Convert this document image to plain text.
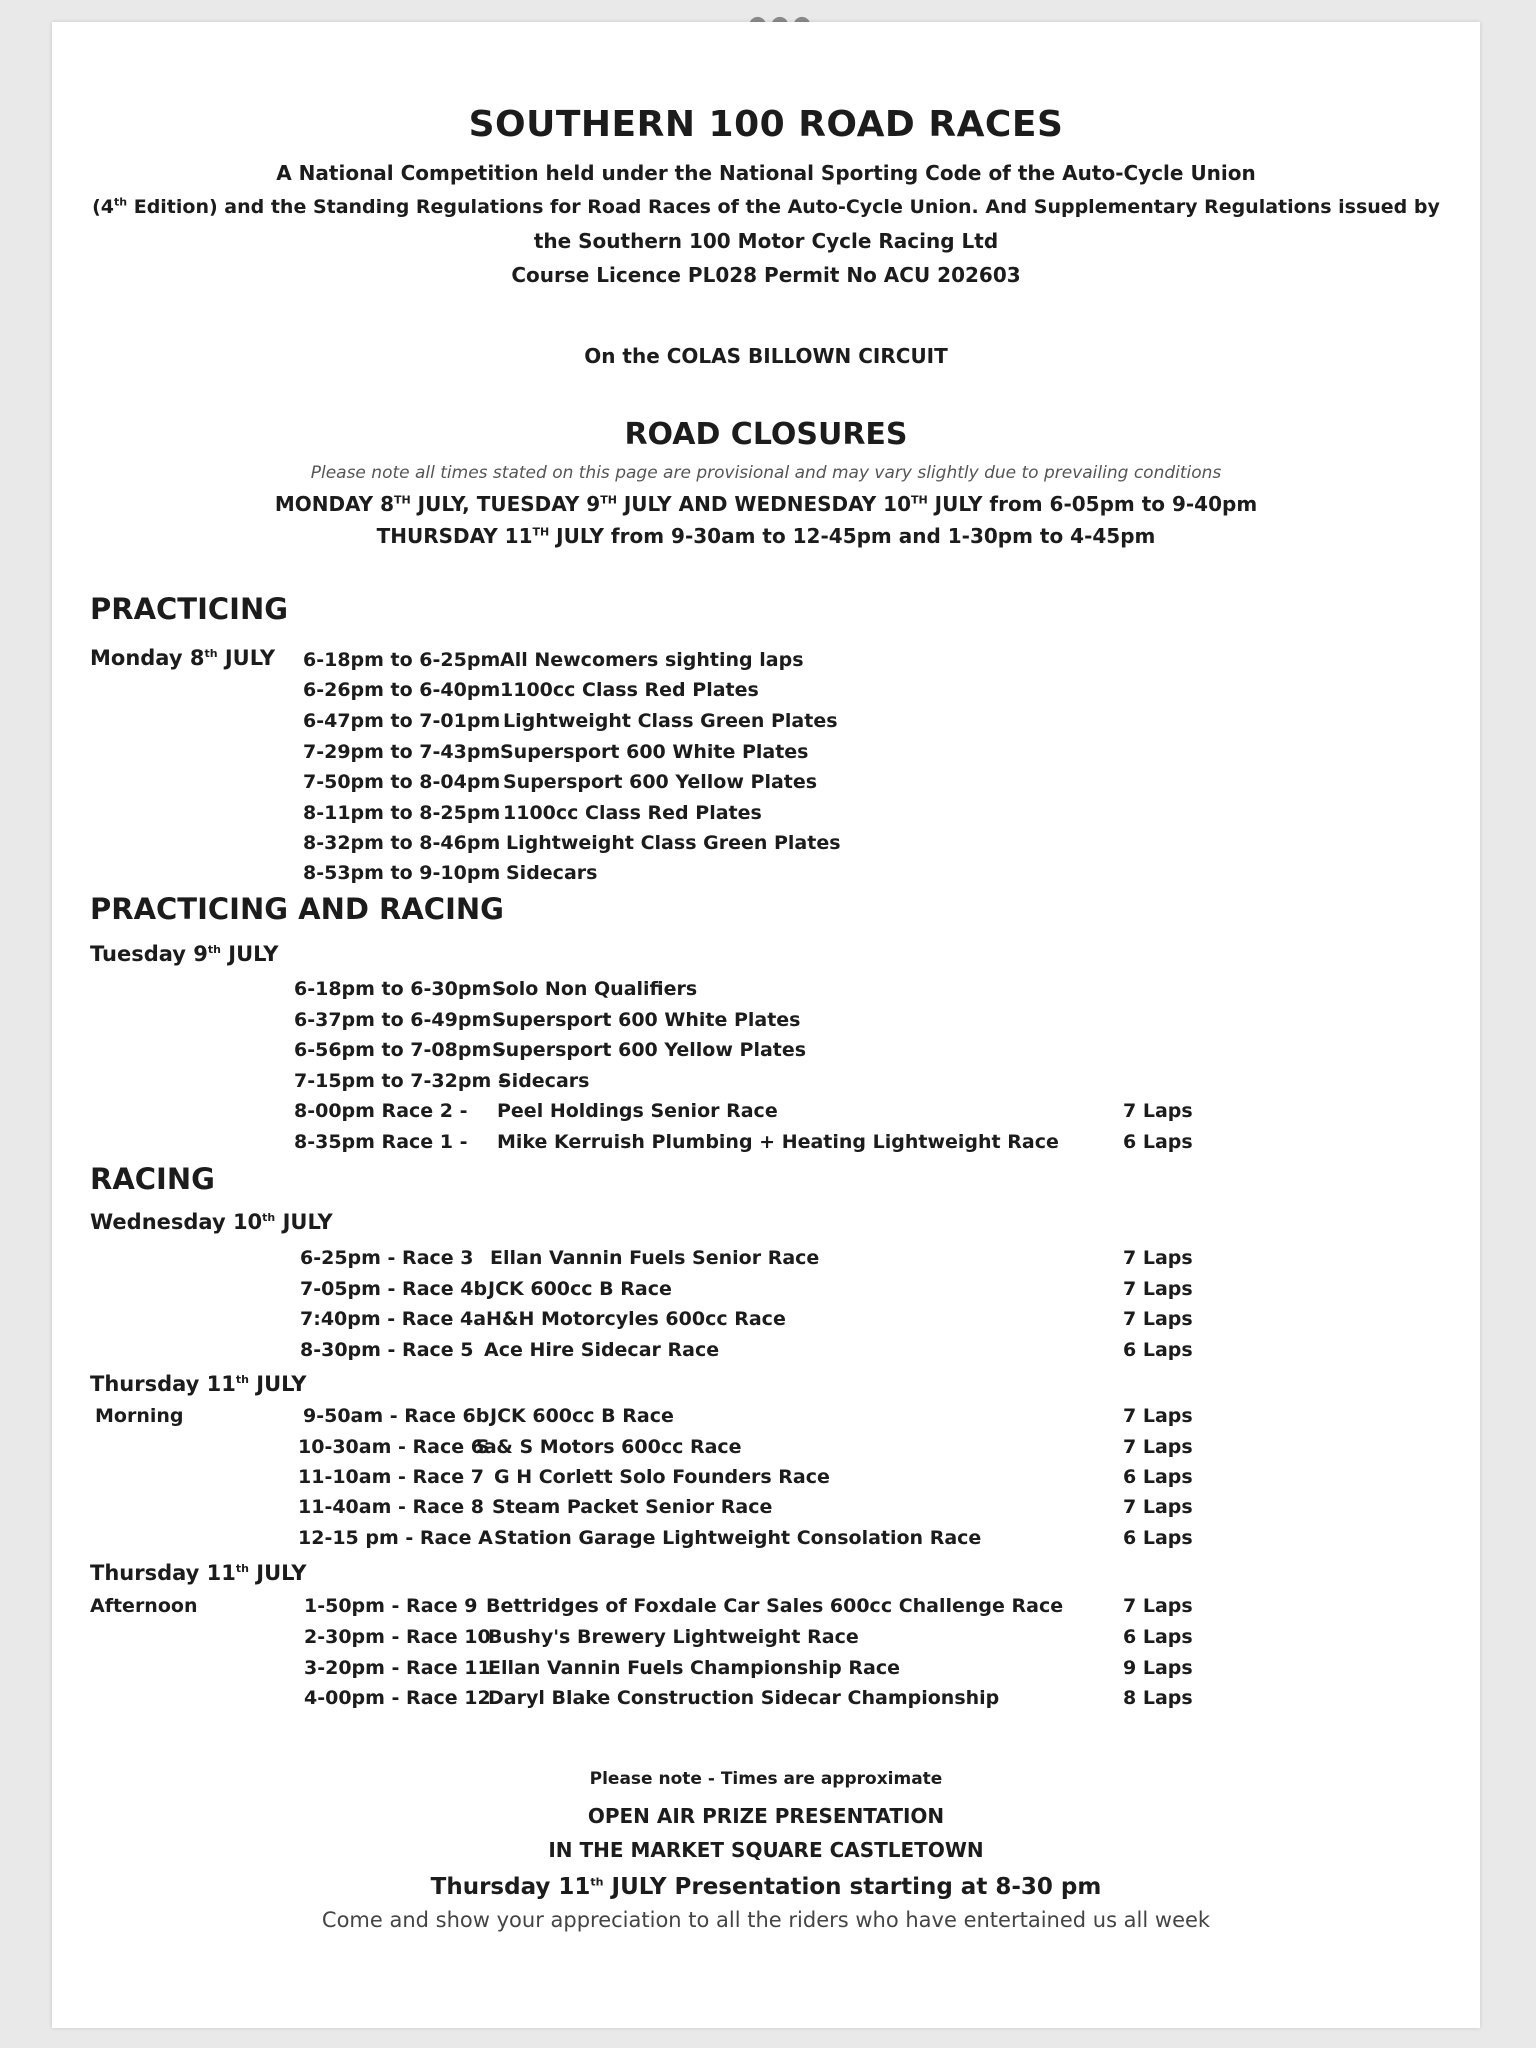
SOUTHERN 100 ROAD RACES
A National Competition held under the National Sporting Code of the Auto-Cycle Union
(4th Edition) and the Standing Regulations for Road Races of the Auto-Cycle Union. And Supplementary Regulations issued by
the Southern 100 Motor Cycle Racing Ltd
Course Licence PL028 Permit No ACU 202603
On the COLAS BILLOWN CIRCUIT
ROAD CLOSURES
Please note all times stated on this page are provisional and may vary slightly due to prevailing conditions
MONDAY 8TH JULY, TUESDAY 9TH JULY AND WEDNESDAY 10TH JULY from 6-05pm to 9-40pm
THURSDAY 11TH JULY from 9-30am to 12-45pm and 1-30pm to 4-45pm
PRACTICING
Monday 8th JULY 6-18pm to 6-25pm All Newcomers sighting laps
6-26pm to 6-40pm 1100cc Class Red Plates
6-47pm to 7-01pm Lightweight Class Green Plates
7-29pm to 7-43pm Supersport 600 White Plates
7-50pm to 8-04pm Supersport 600 Yellow Plates
8-11pm to 8-25pm 1100cc Class Red Plates
8-32pm to 8-46pm Lightweight Class Green Plates
8-53pm to 9-10pm Sidecars
PRACTICING AND RACING
Tuesday 9th JULY
6-18pm to 6-30pm -
Solo Non Qualifiers
6-37pm to 6-49pm -
Supersport 600 White Plates
6-56pm to 7-08pm -
Supersport 600 Yellow Plates
7-15pm to 7-32pm -
Sidecars
8-00pm Race 2 - Peel Holdings Senior Race	7 Laps
8-35pm Race 1 - Mike Kerruish Plumbing + Heating Lightweight Race	6 Laps
RACING
Wednesday 10th JULY
6-25pm - Race 3 Ellan Vannin Fuels Senior Race	7 Laps
7-05pm - Race 4b JCK 600cc B Race	7 Laps
7:40pm - Race 4a H&H Motorcyles 600cc Race	7 Laps
8-30pm - Race 5 Ace Hire Sidecar Race	6 Laps
Thursday 11th JULY
Morning	9-50am - Race 6b JCK 600cc B Race	7 Laps
10-30am - Race 6a
S & S Motors 600cc Race	7 Laps
11-10am - Race 7 G H Corlett Solo Founders Race	6 Laps
11-40am - Race 8 Steam Packet Senior Race	7 Laps
12-15 pm - Race A Station Garage Lightweight Consolation Race	6 Laps
Thursday 11th JULY
Afternoon	1-50pm - Race 9 Bettridges of Foxdale Car Sales 600cc Challenge Race	7 Laps
2-30pm - Race 10
Bushy's Brewery Lightweight Race	6 Laps
3-20pm - Race 11
Ellan Vannin Fuels Championship Race	9 Laps
4-00pm - Race 12
Daryl Blake Construction Sidecar Championship	8 Laps
Please note - Times are approximate
OPEN AIR PRIZE PRESENTATION
IN THE MARKET SQUARE CASTLETOWN
Thursday 11th JULY Presentation starting at 8-30 pm
Come and show your appreciation to all the riders who have entertained us all week
